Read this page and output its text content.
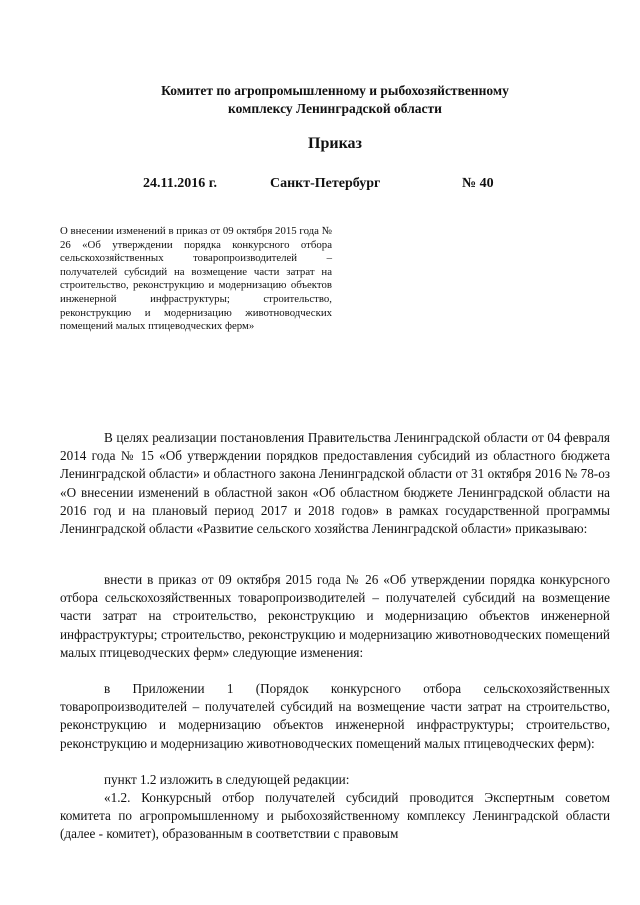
Комитет по агропромышленному и рыбохозяйственному
комплексу Ленинградской области
Приказ
24.11.2016 г.	Санкт-Петербург	№ 40
О внесении изменений в приказ от 09 октября 2015 года № 26 «Об утверждении порядка конкурсного отбора сельскохозяйственных товаропроизводителей – получателей субсидий на возмещение части затрат на строительство, реконструкцию и модернизацию объектов инженерной инфраструктуры; строительство, реконструкцию и модернизацию животноводческих помещений малых птицеводческих ферм»

В целях реализации постановления Правительства Ленинградской области от 04 февраля 2014 года № 15 «Об утверждении порядков предоставления субсидий из областного бюджета Ленинградской области» и областного закона Ленинградской области от 31 октября 2016 № 78-оз «О внесении изменений в областной закон «Об областном бюджете Ленинградской области на 2016 год и на плановый период 2017 и 2018 годов» в рамках государственной программы Ленинградской области «Развитие сельского хозяйства Ленинградской области» приказываю:

внести в приказ от 09 октября 2015 года № 26 «Об утверждении порядка конкурсного отбора сельскохозяйственных товаропроизводителей – получателей субсидий на возмещение части затрат на строительство, реконструкцию и модернизацию объектов инженерной инфраструктуры; строительство, реконструкцию и модернизацию животноводческих помещений малых птицеводческих ферм» следующие изменения:

в Приложении 1 (Порядок конкурсного отбора сельскохозяйственных товаропроизводителей – получателей субсидий на возмещение части затрат на строительство, реконструкцию и модернизацию объектов инженерной инфраструктуры; строительство, реконструкцию и модернизацию животноводческих помещений малых птицеводческих ферм):

пункт 1.2 изложить в следующей редакции:

«1.2. Конкурсный отбор получателей субсидий проводится Экспертным советом комитета по агропромышленному и рыбохозяйственному комплексу Ленинградской области (далее - комитет), образованным в соответствии с правовым
